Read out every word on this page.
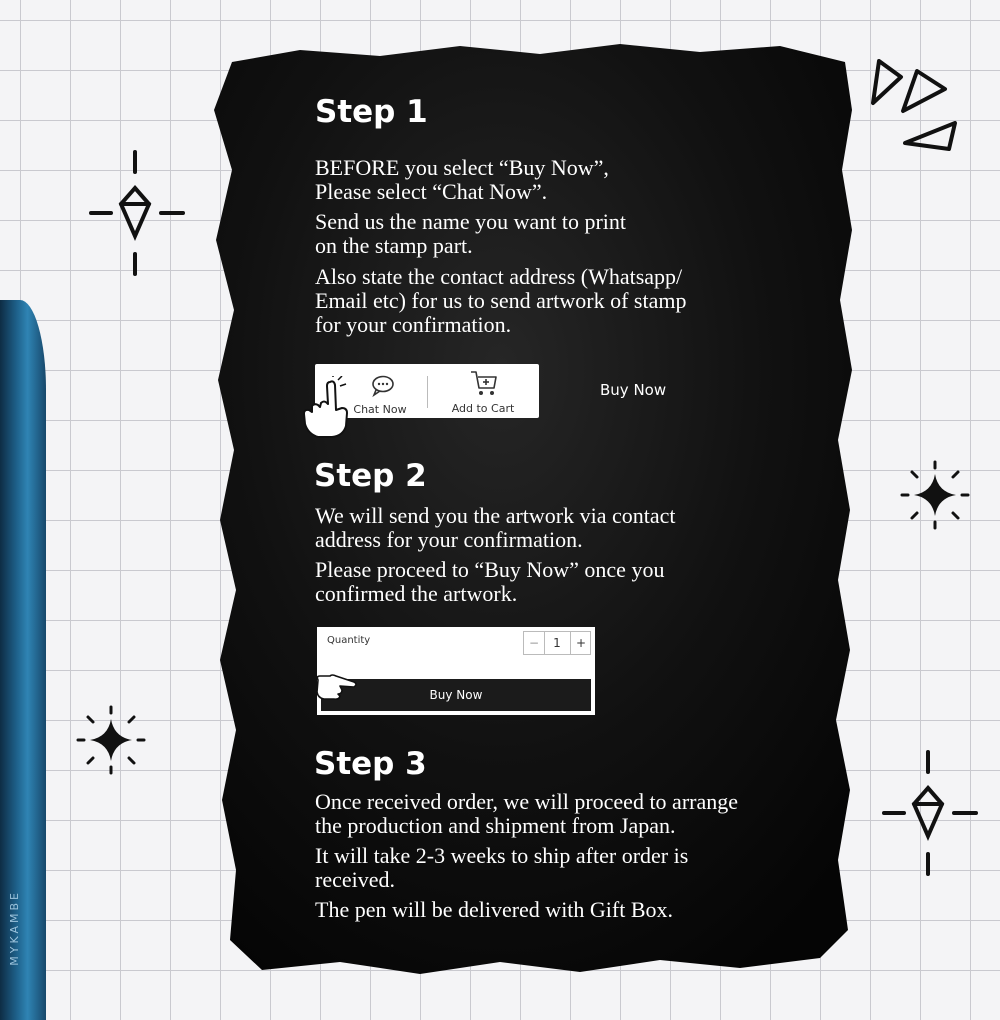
MYKAMBE
Step 1

BEFORE you select “Buy Now”,
Please select “Chat Now”.

Send us the name you want to print
on the stamp part.

Also state the contact address (Whatsapp/
Email etc) for us to send artwork of stamp
for your confirmation.

Chat Now	Add to Cart
Buy Now
Step 2

We will send you the artwork via contact
address for your confirmation.

Please proceed to “Buy Now” once you
confirmed the artwork.

Quantity	−	1	+
Buy Now
Step 3

Once received order, we will proceed to arrange
the production and shipment from Japan.

It will take 2-3 weeks to ship after order is
received.

The pen will be delivered with Gift Box.
